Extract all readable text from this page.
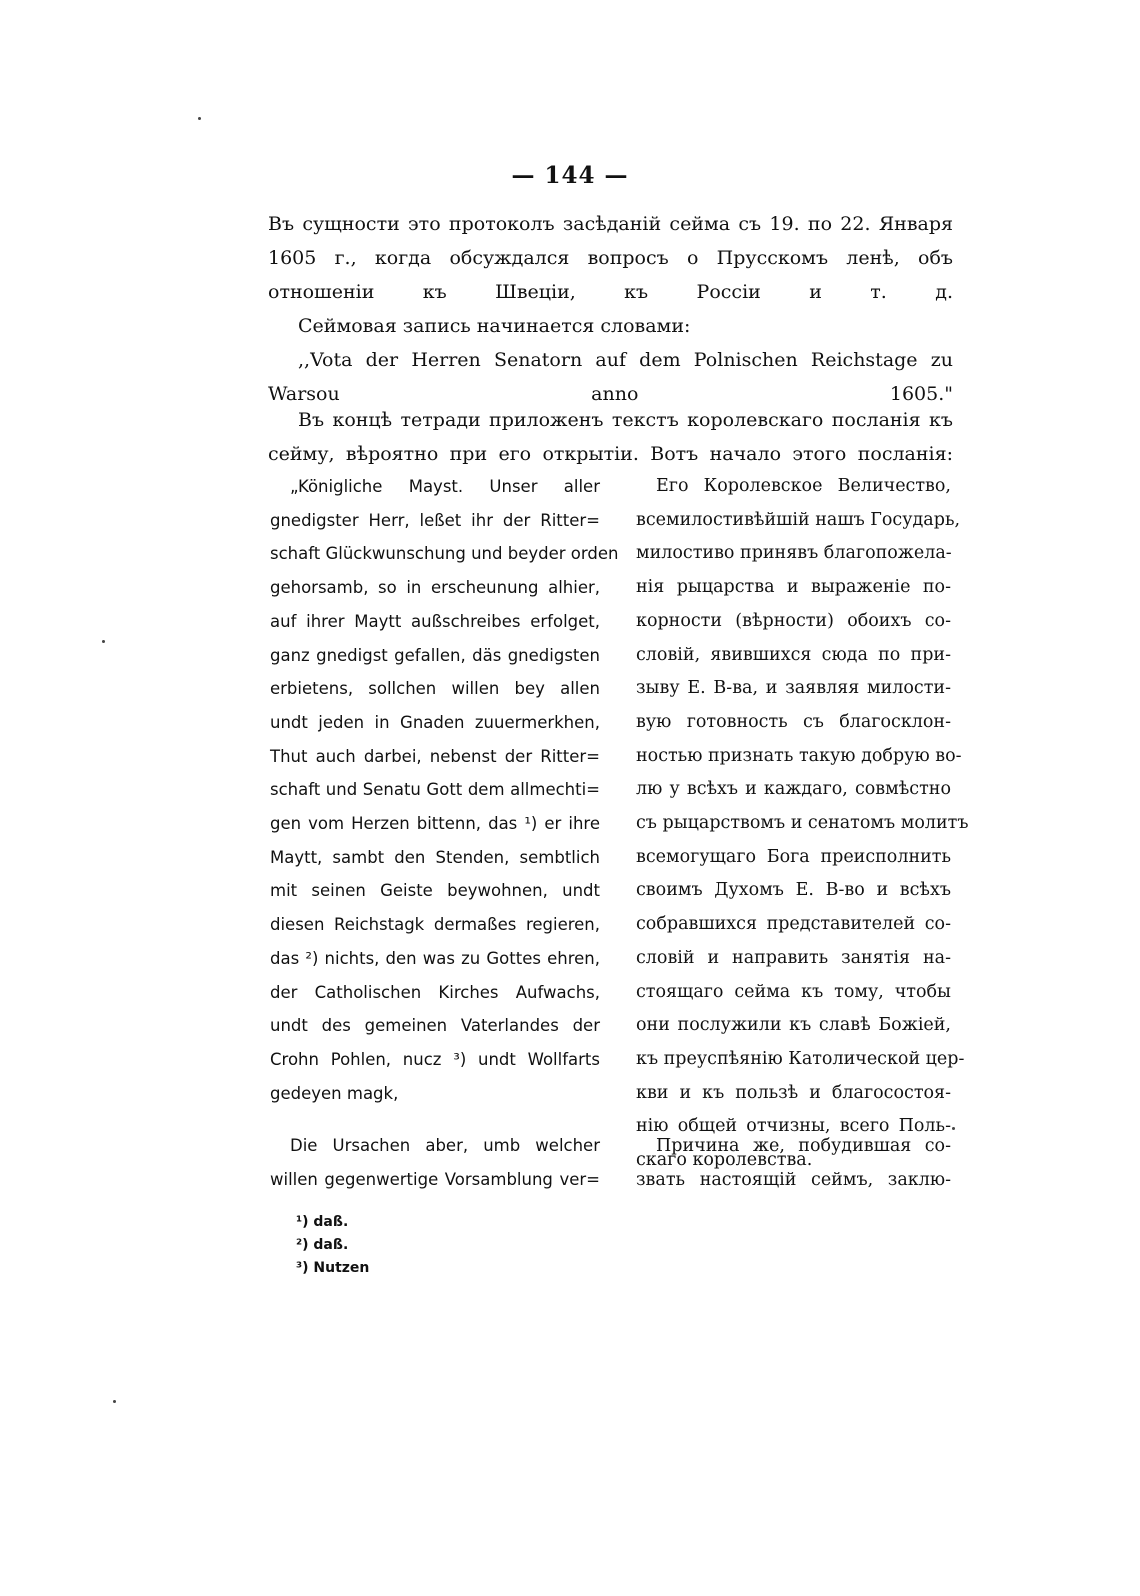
— 144 —
Въ сущности это протоколъ засѣданій сейма съ 19. по 22. Января 1605 г., когда обсуждался вопросъ о Прусскомъ ленѣ, объ отношеніи къ Швеціи, къ Россіи и т. д.
Сеймовая запись начинается словами:
,,Vota der Herren Senatorn auf dem Polnischen Reichstage zu Warsou anno 1605."
Въ концѣ тетради приложенъ текстъ королевскаго посланія къ сейму, вѣроятно при его открытіи. Вотъ начало этого посланія:
„Königliche Mayst. Unser aller
gnedigster Herr, leßet ihr der Ritter=
schaft Glückwunschung und beyder orden
gehorsamb, so in erscheunung alhier,
auf ihrer Maytt außschreibes erfolget,
ganz gnedigst gefallen, däs gnedigsten
erbietens, sollchen willen bey allen
undt jeden in Gnaden zuuermerkhen,
Thut auch darbei, nebenst der Ritter=
schaft und Senatu Gott dem allmechti=
gen vom Herzen bittenn, das ¹) er ihre
Maytt, sambt den Stenden, sembtlich
mit seinen Geiste beywohnen, undt
diesen Reichstagk dermaßes regieren,
das ²) nichts, den was zu Gottes ehren,
der Catholischen Kirches Aufwachs,
undt des gemeinen Vaterlandes der
Crohn Pohlen, nucz ³) undt Wollfarts
gedeyen magk,
Его Королевское Величество,
всемилостивѣйшій нашъ Государь,
милостиво принявъ благопожела-
нія рыцарства и выраженіе по-
корности (вѣрности) обоихъ со-
словій, явившихся сюда по при-
зыву Е. В-ва, и заявляя милости-
вую готовность съ благосклон-
ностью признать такую добрую во-
лю у всѣхъ и каждаго, совмѣстно
съ рыцарствомъ и сенатомъ молитъ
всемогущаго Бога преисполнить
своимъ Духомъ Е. В-во и всѣхъ
собравшихся представителей со-
словій и направить занятія на-
стоящаго сейма къ тому, чтобы
они послужили къ славѣ Божіей,
къ преуспѣянію Католической цер-
кви и къ пользѣ и благосостоя-
нію общей отчизны, всего Поль-
скаго королевства.
Die Ursachen aber, umb welcher
willen gegenwertige Vorsamblung ver=
Причина же, побудившая со-
звать настоящій сеймъ, заклю-
¹) daß.
²) daß.
³) Nutzen
